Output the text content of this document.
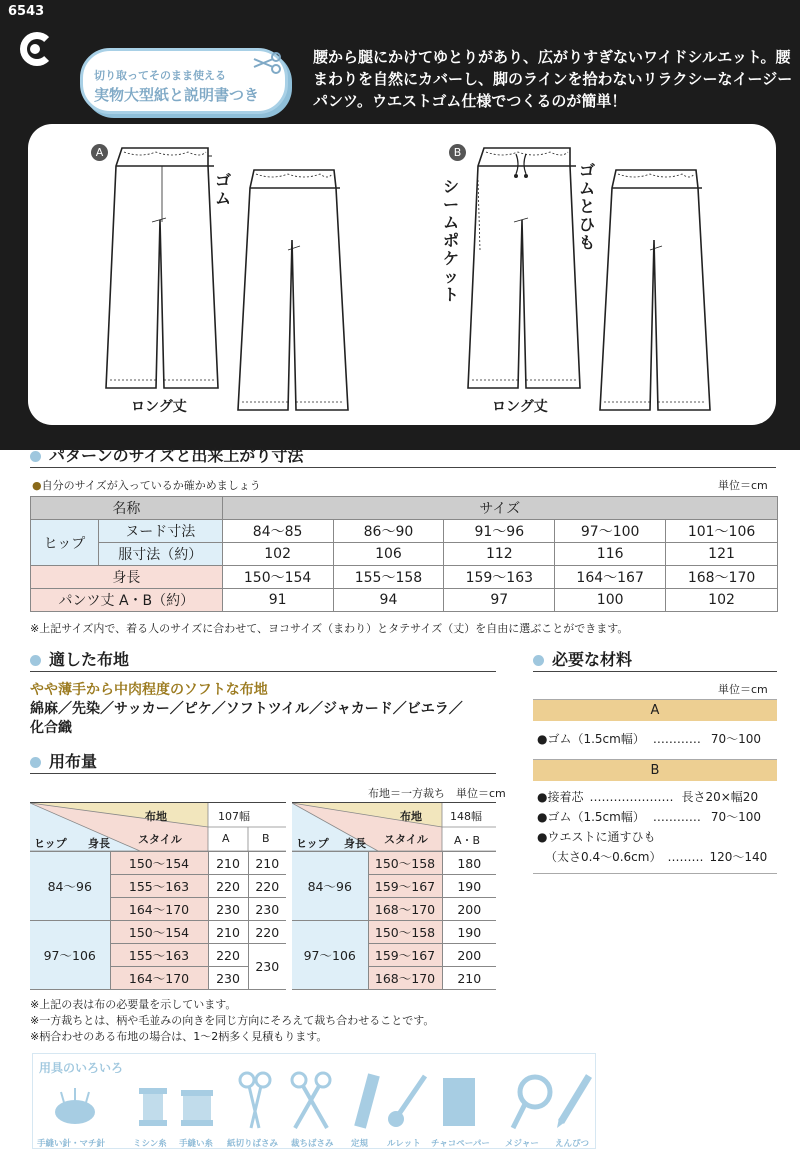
6543
切り取ってそのまま使える
実物大型紙と説明書つき
腰から腿にかけてゆとりがあり、広がりすぎないワイドシルエット。腰まわりを自然にカバーし、脚のラインを拾わないリラクシーなイージーパンツ。ウエストゴム仕様でつくるのが簡単！
A	B
ゴム
ロング丈
シームポケット
ゴムとひも
ロング丈
パターンのサイズと出来上がり寸法
●自分のサイズが入っているか確かめましょう	単位＝cm
名称		サイズ				
ヒップ	ヌード寸法	84〜85	86〜90	91〜96	97〜100	101〜106
	服寸法（約）	102	106	112	116	121
身長		150〜154	155〜158	159〜163	164〜167	168〜170
パンツ丈 A・B（約）		91	94	97	100	102
※上記サイズ内で、着る人のサイズに合わせて、ヨコサイズ（まわり）とタテサイズ（丈）を自由に選ぶことができます。
適した布地
やや薄手から中肉程度のソフトな布地
綿麻／先染／サッカー／ピケ／ソフトツイル／ジャカード／ビエラ／
化合織
用布量
布地＝一方裁ち　単位＝cm
布地	107幅
スタイル
身長
ヒップ	A	B
84〜96	150〜154	210	210
	155〜163	220	220
	164〜170	230	230
97〜106	150〜154	210	220
	155〜163	220	230
	164〜170	230	
布地	148幅
スタイル
身長
ヒップ	A・B
84〜96	150〜158	180
	159〜167	190
	168〜170	200
97〜106	150〜158	190
	159〜167	200
	168〜170	210
※上記の表は布の必要量を示しています。
※一方裁ちとは、柄や毛並みの向きを同じ方向にそろえて裁ち合わせることです。
※柄合わせのある布地の場合は、1〜2柄多く見積もります。
必要な材料
単位＝cm
A
●ゴム（1.5cm幅） ………… 70〜100
B
●接着芯 ………………… 長さ20×幅20
●ゴム（1.5cm幅） ………… 70〜100
●ウエストに通すひも
（太さ0.4〜0.6cm） ……… 120〜140
用具のいろいろ
手縫い針・マチ針	ミシン糸 手縫い糸 紙切りばさみ 裁ちばさみ 定規 ルレット チャコペーパー メジャー えんぴつ
